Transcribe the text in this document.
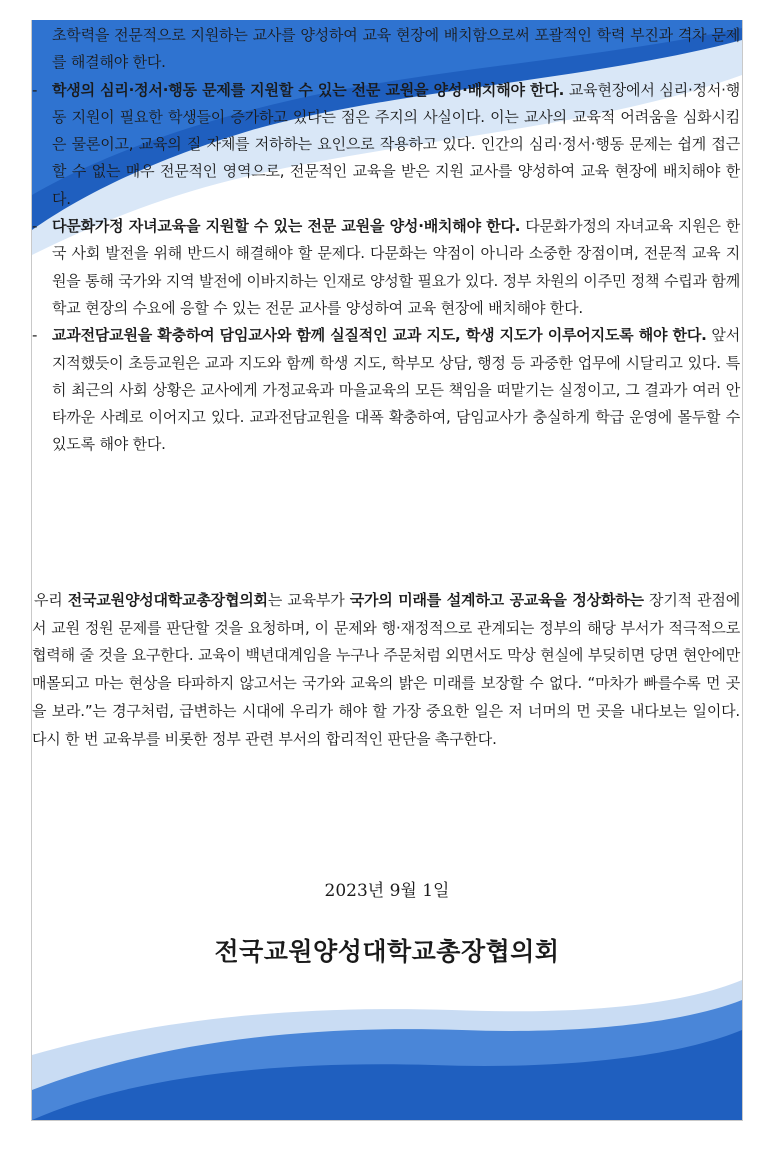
초학력을 전문적으로 지원하는 교사를 양성하여 교육 현장에 배치함으로써 포괄적인 학력 부진과 격차 문제를 해결해야 한다.
- 학생의 심리·정서·행동 문제를 지원할 수 있는 전문 교원을 양성·배치해야 한다. 교육현장에서 심리·정서·행동 지원이 필요한 학생들이 증가하고 있다는 점은 주지의 사실이다. 이는 교사의 교육적 어려움을 심화시킴은 물론이고, 교육의 질 자체를 저하하는 요인으로 작용하고 있다. 인간의 심리·정서·행동 문제는 쉽게 접근할 수 없는 매우 전문적인 영역으로, 전문적인 교육을 받은 지원 교사를 양성하여 교육 현장에 배치해야 한다.
- 다문화가정 자녀교육을 지원할 수 있는 전문 교원을 양성·배치해야 한다. 다문화가정의 자녀교육 지원은 한국 사회 발전을 위해 반드시 해결해야 할 문제다. 다문화는 약점이 아니라 소중한 장점이며, 전문적 교육 지원을 통해 국가와 지역 발전에 이바지하는 인재로 양성할 필요가 있다. 정부 차원의 이주민 정책 수립과 함께 학교 현장의 수요에 응할 수 있는 전문 교사를 양성하여 교육 현장에 배치해야 한다.
- 교과전담교원을 확충하여 담임교사와 함께 실질적인 교과 지도, 학생 지도가 이루어지도록 해야 한다. 앞서 지적했듯이 초등교원은 교과 지도와 함께 학생 지도, 학부모 상담, 행정 등 과중한 업무에 시달리고 있다. 특히 최근의 사회 상황은 교사에게 가정교육과 마을교육의 모든 책임을 떠맡기는 실정이고, 그 결과가 여러 안타까운 사례로 이어지고 있다. 교과전담교원을 대폭 확충하여, 담임교사가 충실하게 학급 운영에 몰두할 수 있도록 해야 한다.
우리 전국교원양성대학교총장협의회는 교육부가 국가의 미래를 설계하고 공교육을 정상화하는 장기적 관점에서 교원 정원 문제를 판단할 것을 요청하며, 이 문제와 행·재정적으로 관계되는 정부의 해당 부서가 적극적으로 협력해 줄 것을 요구한다. 교육이 백년대계임을 누구나 주문처럼 외면서도 막상 현실에 부딪히면 당면 현안에만 매몰되고 마는 현상을 타파하지 않고서는 국가와 교육의 밝은 미래를 보장할 수 없다. “마차가 빠를수록 먼 곳을 보라.”는 경구처럼, 급변하는 시대에 우리가 해야 할 가장 중요한 일은 저 너머의 먼 곳을 내다보는 일이다. 다시 한 번 교육부를 비롯한 정부 관련 부서의 합리적인 판단을 촉구한다.
2023년 9월 1일
전국교원양성대학교총장협의회
